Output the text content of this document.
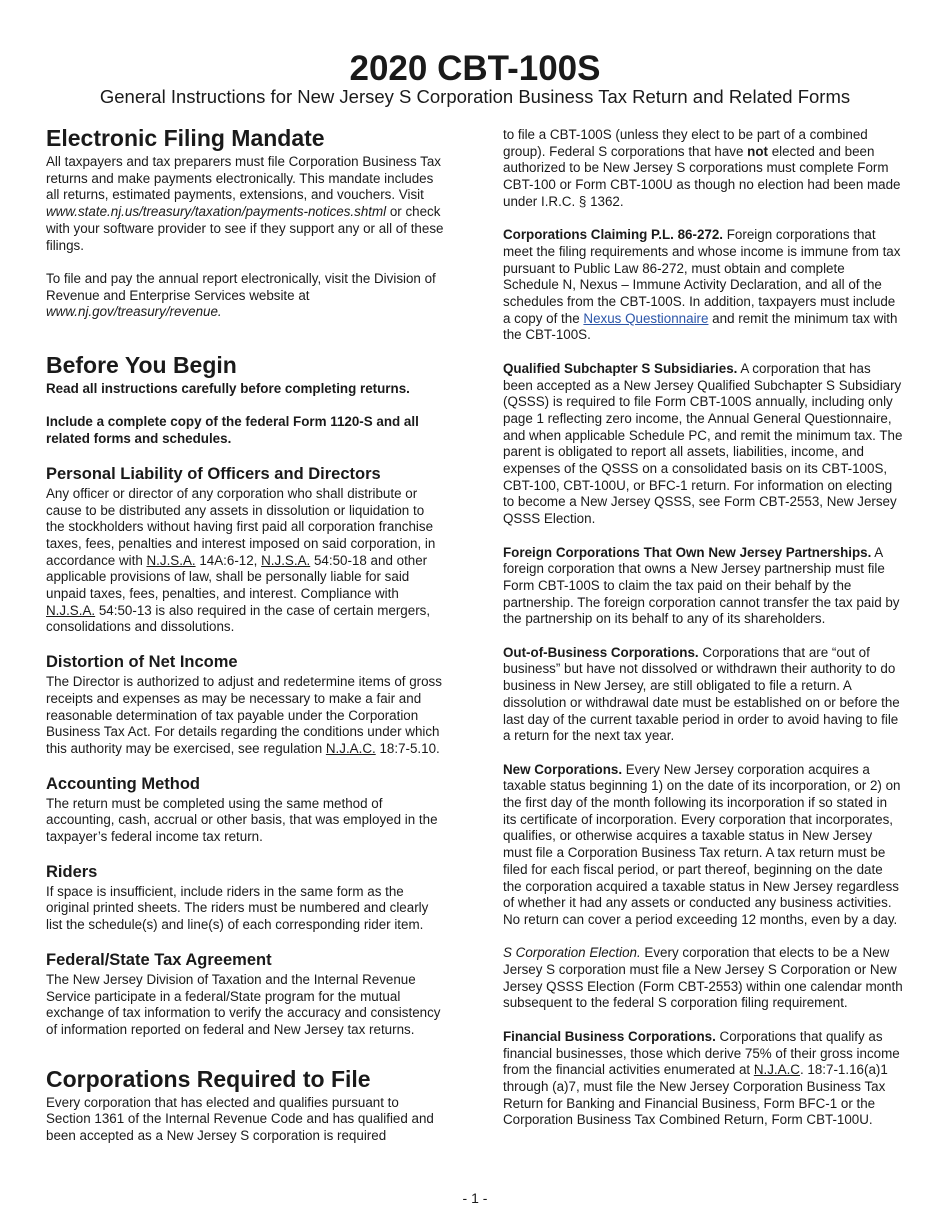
2020 CBT-100S
General Instructions for New Jersey S Corporation Business Tax Return and Related Forms
Electronic Filing Mandate

All taxpayers and tax preparers must file Corporation Business Tax returns and make payments electronically. This mandate includes all returns, estimated payments, extensions, and vouchers. Visit www.state.nj.us/treasury/taxation/payments-notices.shtml or check with your software provider to see if they support any or all of these filings.

To file and pay the annual report electronically, visit the Division of Revenue and Enterprise Services website at www.nj.gov/treasury/revenue.

Before You Begin

Read all instructions carefully before completing returns.

Include a complete copy of the federal Form 1120-S and all related forms and schedules.

Personal Liability of Officers and Directors

Any officer or director of any corporation who shall distribute or cause to be distributed any assets in dissolution or liquidation to the stockholders without having first paid all corporation franchise taxes, fees, penalties and interest imposed on said corporation, in accordance with N.J.S.A. 14A:6-12, N.J.S.A. 54:50-18 and other applicable provisions of law, shall be personally liable for said unpaid taxes, fees, penalties, and interest. Compliance with N.J.S.A. 54:50-13 is also required in the case of certain mergers, consolidations and dissolutions.

Distortion of Net Income

The Director is authorized to adjust and redetermine items of gross receipts and expenses as may be necessary to make a fair and reasonable determination of tax payable under the Corporation Business Tax Act. For details regarding the conditions under which this authority may be exercised, see regulation N.J.A.C. 18:7-5.10.

Accounting Method

The return must be completed using the same method of accounting, cash, accrual or other basis, that was employed in the taxpayer’s federal income tax return.

Riders

If space is insufficient, include riders in the same form as the original printed sheets. The riders must be numbered and clearly list the schedule(s) and line(s) of each corresponding rider item.

Federal/State Tax Agreement

The New Jersey Division of Taxation and the Internal Revenue Service participate in a federal/State program for the mutual exchange of tax information to verify the accuracy and consistency of information reported on federal and New Jersey tax returns.

Corporations Required to File

Every corporation that has elected and qualifies pursuant to Section 1361 of the Internal Revenue Code and has qualified and been accepted as a New Jersey S corporation is required

to file a CBT-100S (unless they elect to be part of a combined group). Federal S corporations that have not elected and been authorized to be New Jersey S corporations must complete Form CBT-100 or Form CBT-100U as though no election had been made under I.R.C. § 1362.

Corporations Claiming P.L. 86-272. Foreign corporations that meet the filing requirements and whose income is immune from tax pursuant to Public Law 86-272, must obtain and complete Schedule N, Nexus – Immune Activity Declaration, and all of the schedules from the CBT-100S. In addition, taxpayers must include a copy of the Nexus Questionnaire and remit the minimum tax with the CBT-100S.

Qualified Subchapter S Subsidiaries. A corporation that has been accepted as a New Jersey Qualified Subchapter S Subsidiary (QSSS) is required to file Form CBT-100S annually, including only page 1 reflecting zero income, the Annual General Questionnaire, and when applicable Schedule PC, and remit the minimum tax. The parent is obligated to report all assets, liabilities, income, and expenses of the QSSS on a consolidated basis on its CBT-100S, CBT-100, CBT-100U, or BFC-1 return. For information on electing to become a New Jersey QSSS, see Form CBT-2553, New Jersey QSSS Election.

Foreign Corporations That Own New Jersey Partnerships. A foreign corporation that owns a New Jersey partnership must file Form CBT-100S to claim the tax paid on their behalf by the partnership. The foreign corporation cannot transfer the tax paid by the partnership on its behalf to any of its shareholders.

Out-of-Business Corporations. Corporations that are “out of business” but have not dissolved or withdrawn their authority to do business in New Jersey, are still obligated to file a return. A dissolution or withdrawal date must be established on or before the last day of the current taxable period in order to avoid having to file a return for the next tax year.

New Corporations. Every New Jersey corporation acquires a taxable status beginning 1) on the date of its incorporation, or 2) on the first day of the month following its incorporation if so stated in its certificate of incorporation. Every corporation that incorporates, qualifies, or otherwise acquires a taxable status in New Jersey must file a Corporation Business Tax return. A tax return must be filed for each fiscal period, or part thereof, beginning on the date the corporation acquired a taxable status in New Jersey regardless of whether it had any assets or conducted any business activities. No return can cover a period exceeding 12 months, even by a day.

S Corporation Election. Every corporation that elects to be a New Jersey S corporation must file a New Jersey S Corporation or New Jersey QSSS Election (Form CBT-2553) within one calendar month subsequent to the federal S corporation filing requirement.

Financial Business Corporations. Corporations that qualify as financial businesses, those which derive 75% of their gross income from the financial activities enumerated at N.J.A.C. 18:7-1.16(a)1 through (a)7, must file the New Jersey Corporation Business Tax Return for Banking and Financial Business, Form BFC-1 or the Corporation Business Tax Combined Return, Form CBT-100U.

- 1 -
